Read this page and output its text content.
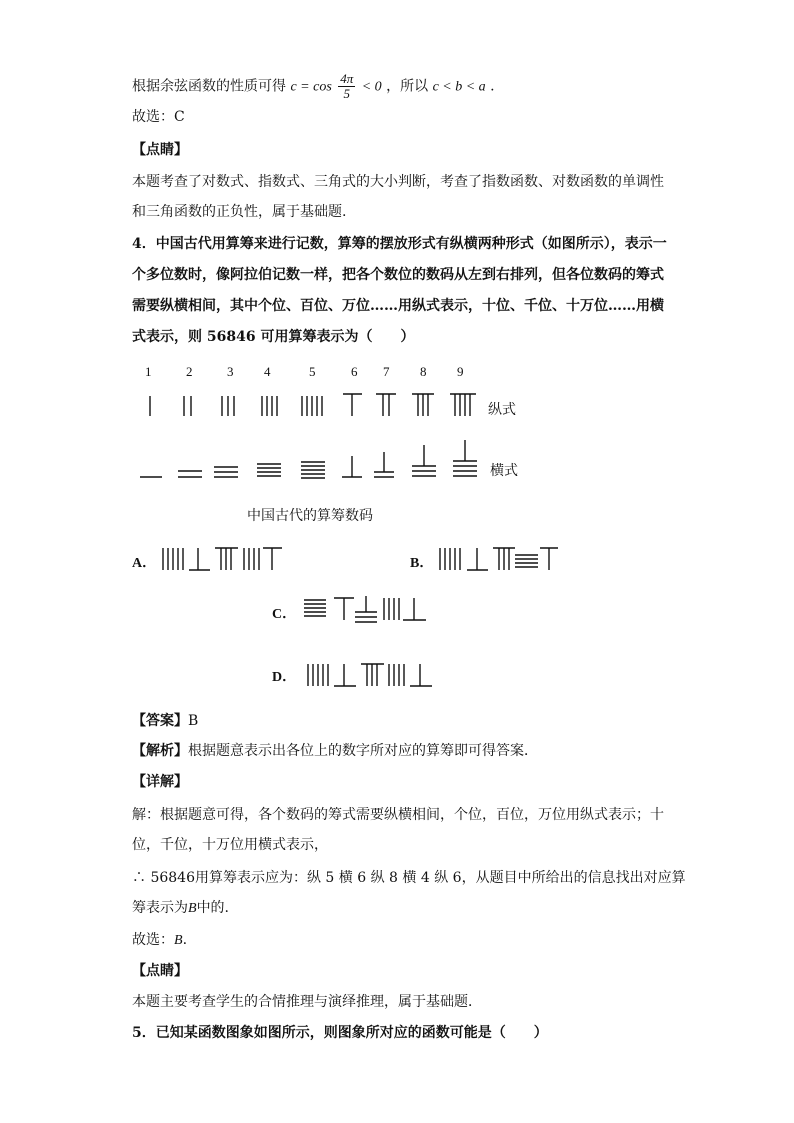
根据余弦函数的性质可得 $c = \cos \frac{4\pi}{5} < 0$ ，所以 c < b < a .
故选：C
【点睛】
本题考查了对数式、指数式、三角式的大小判断，考查了指数函数、对数函数的单调性
和三角函数的正负性，属于基础题.
4．中国古代用算筹来进行记数，算筹的摆放形式有纵横两种形式（如图所示），表示一
个多位数时，像阿拉伯记数一样，把各个数位的数码从左到右排列，但各位数码的筹式
需要纵横相间，其中个位、百位、万位……用纵式表示，十位、千位、十万位……用横
式表示，则 56846 可用算筹表示为（　　）
1	2	3 4	5	6 7 8 9
纵式
横式
中国古代的算筹数码
A．	B．
C．
D．
【答案】B
【解析】根据题意表示出各位上的数字所对应的算筹即可得答案．
【详解】
解：根据题意可得，各个数码的筹式需要纵横相间，个位，百位，万位用纵式表示；十
位，千位，十万位用横式表示，
∴ 56846用算筹表示应为：纵 5 横 6 纵 8 横 4 纵 6，从题目中所给出的信息找出对应算
筹表示为B中的.
故选：B.
【点睛】
本题主要考查学生的合情推理与演绎推理，属于基础题．
5．已知某函数图象如图所示，则图象所对应的函数可能是（　　）
